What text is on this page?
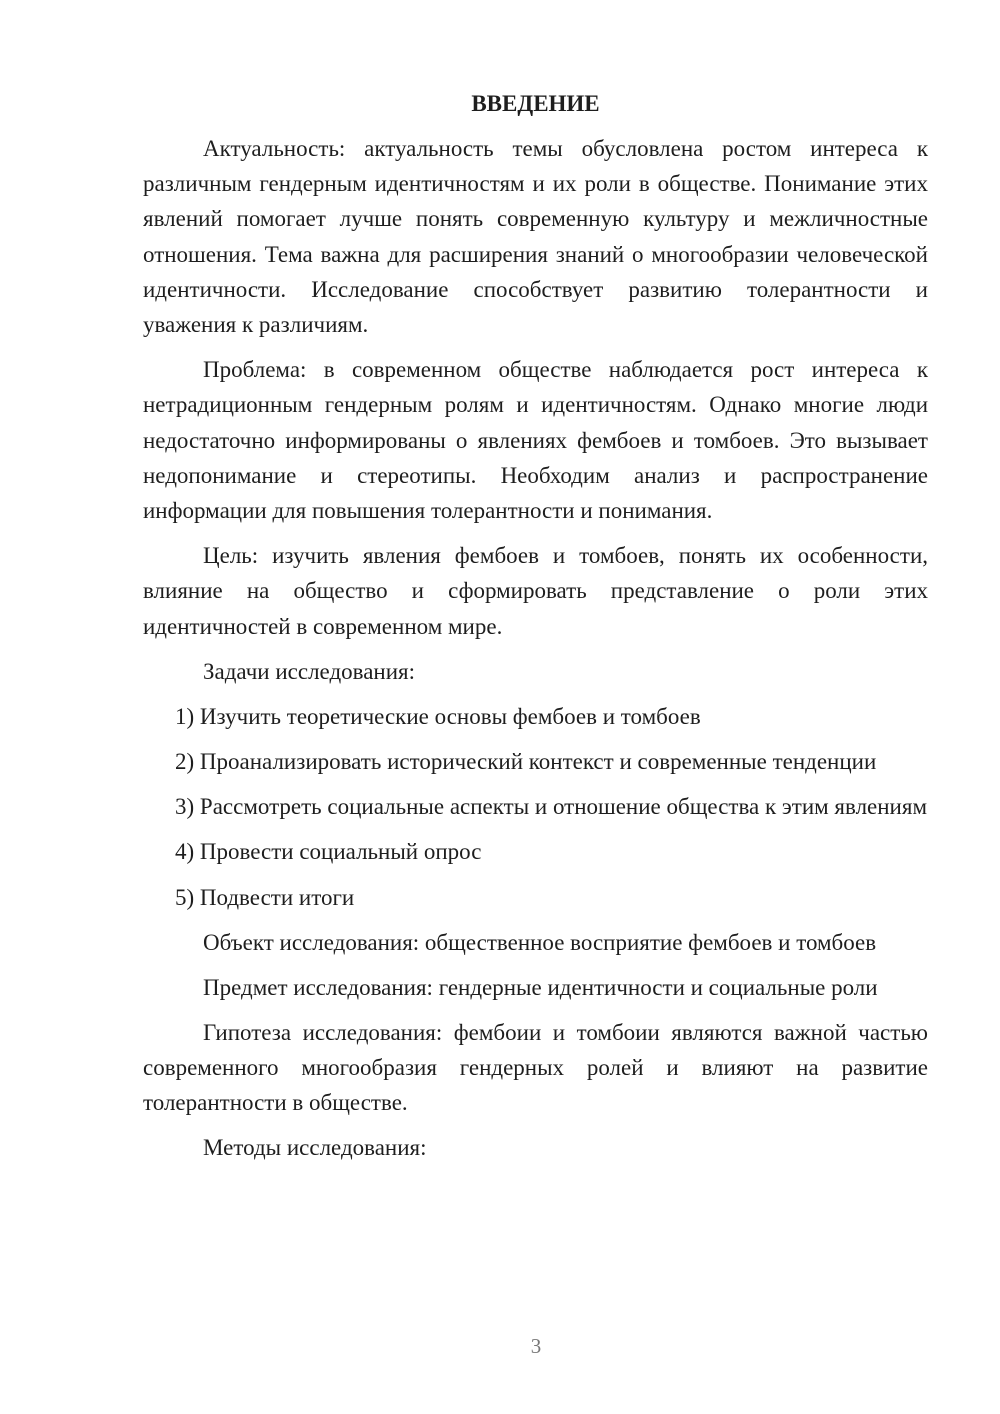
ВВЕДЕНИЕ

Актуальность: актуальность темы обусловлена ростом интереса к различным гендерным идентичностям и их роли в обществе. Понимание этих явлений помогает лучше понять современную культуру и межличностные отношения. Тема важна для расширения знаний о многообразии человеческой идентичности. Исследование способствует развитию толерантности и уважения к различиям.

Проблема: в современном обществе наблюдается рост интереса к нетрадиционным гендерным ролям и идентичностям. Однако многие люди недостаточно информированы о явлениях фембоев и томбоев. Это вызывает недопонимание и стереотипы. Необходим анализ и распространение информации для повышения толерантности и понимания.

Цель: изучить явления фембоев и томбоев, понять их особенности, влияние на общество и сформировать представление о роли этих идентичностей в современном мире.

Задачи исследования:

1) Изучить теоретические основы фембоев и томбоев

2) Проанализировать исторический контекст и современные тенденции

3) Рассмотреть социальные аспекты и отношение общества к этим явлениям

4) Провести социальный опрос

5) Подвести итоги

Объект исследования: общественное восприятие фембоев и томбоев

Предмет исследования: гендерные идентичности и социальные роли

Гипотеза исследования: фембоии и томбоии являются важной частью современного многообразия гендерных ролей и влияют на развитие толерантности в обществе.

Методы исследования:

3
